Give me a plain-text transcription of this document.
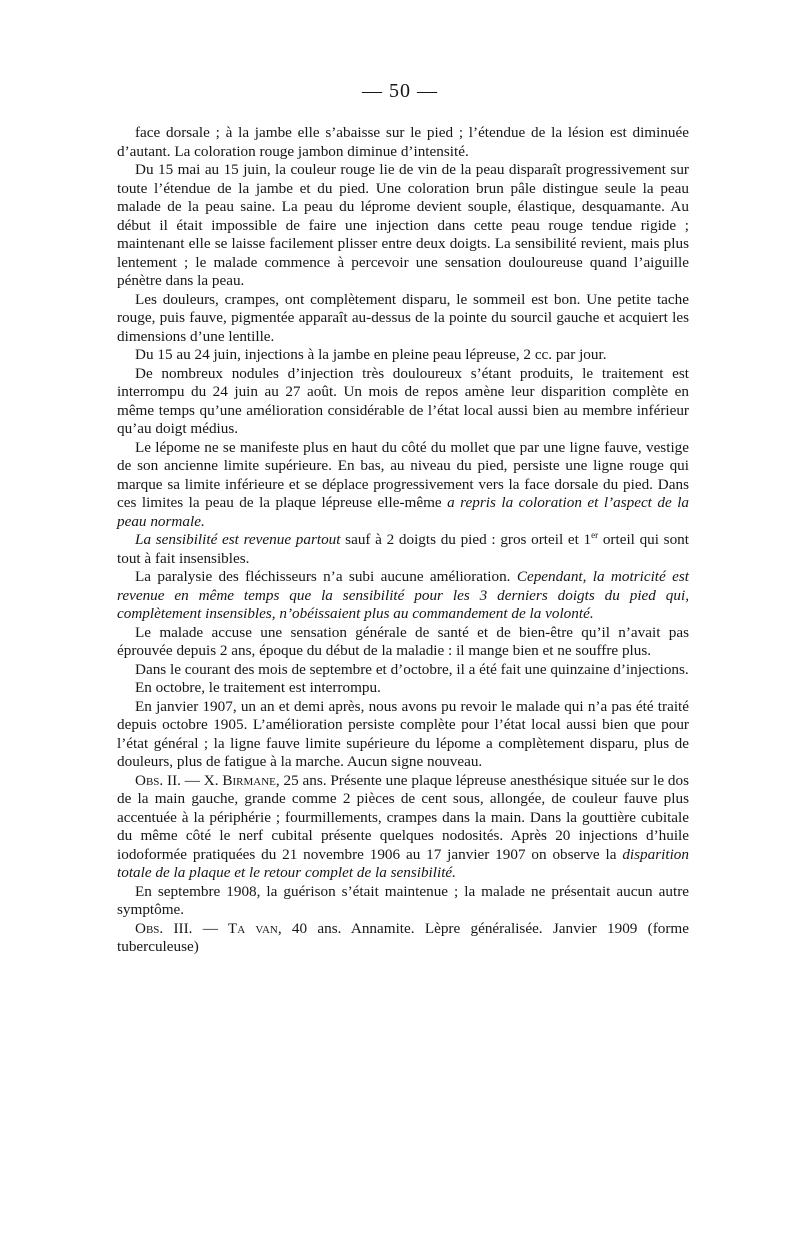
— 50 —

face dorsale ; à la jambe elle s’abaisse sur le pied ; l’étendue de la lésion est diminuée d’autant. La coloration rouge jambon diminue d’intensité.

Du 15 mai au 15 juin, la couleur rouge lie de vin de la peau disparaît progressivement sur toute l’étendue de la jambe et du pied. Une coloration brun pâle distingue seule la peau malade de la peau saine. La peau du léprome devient souple, élastique, desquamante. Au début il était impossible de faire une injection dans cette peau rouge tendue rigide ; maintenant elle se laisse facilement plisser entre deux doigts. La sensibilité revient, mais plus lentement ; le malade commence à percevoir une sensation douloureuse quand l’aiguille pénètre dans la peau.

Les douleurs, crampes, ont complètement disparu, le sommeil est bon. Une petite tache rouge, puis fauve, pigmentée apparaît au-dessus de la pointe du sourcil gauche et acquiert les dimensions d’une lentille.

Du 15 au 24 juin, injections à la jambe en pleine peau lépreuse, 2 cc. par jour.

De nombreux nodules d’injection très douloureux s’étant produits, le traitement est interrompu du 24 juin au 27 août. Un mois de repos amène leur disparition complète en même temps qu’une amélioration considérable de l’état local aussi bien au membre inférieur qu’au doigt médius.

Le lépome ne se manifeste plus en haut du côté du mollet que par une ligne fauve, vestige de son ancienne limite supérieure. En bas, au niveau du pied, persiste une ligne rouge qui marque sa limite inférieure et se déplace progressivement vers la face dorsale du pied. Dans ces limites la peau de la plaque lépreuse elle-même a repris la coloration et l’aspect de la peau normale.

La sensibilité est revenue partout sauf à 2 doigts du pied : gros orteil et 1er orteil qui sont tout à fait insensibles.

La paralysie des fléchisseurs n’a subi aucune amélioration. Cependant, la motricité est revenue en même temps que la sensibilité pour les 3 derniers doigts du pied qui, complètement insensibles, n’obéissaient plus au commandement de la volonté.

Le malade accuse une sensation générale de santé et de bien-être qu’il n’avait pas éprouvée depuis 2 ans, époque du début de la maladie : il mange bien et ne souffre plus.

Dans le courant des mois de septembre et d’octobre, il a été fait une quinzaine d’injections.

En octobre, le traitement est interrompu.

En janvier 1907, un an et demi après, nous avons pu revoir le malade qui n’a pas été traité depuis octobre 1905. L’amélioration persiste complète pour l’état local aussi bien que pour l’état général ; la ligne fauve limite supérieure du lépome a complètement disparu, plus de douleurs, plus de fatigue à la marche. Aucun signe nouveau.

Obs. II. — X. Birmane, 25 ans. Présente une plaque lépreuse anesthésique située sur le dos de la main gauche, grande comme 2 pièces de cent sous, allongée, de couleur fauve plus accentuée à la périphérie ; fourmillements, crampes dans la main. Dans la gouttière cubitale du même côté le nerf cubital présente quelques nodosités. Après 20 injections d’huile iodoformée pratiquées du 21 novembre 1906 au 17 janvier 1907 on observe la disparition totale de la plaque et le retour complet de la sensibilité.

En septembre 1908, la guérison s’était maintenue ; la malade ne présentait aucun autre symptôme.

Obs. III. — Ta van, 40 ans. Annamite. Lèpre généralisée. Janvier 1909 (forme tuberculeuse)
